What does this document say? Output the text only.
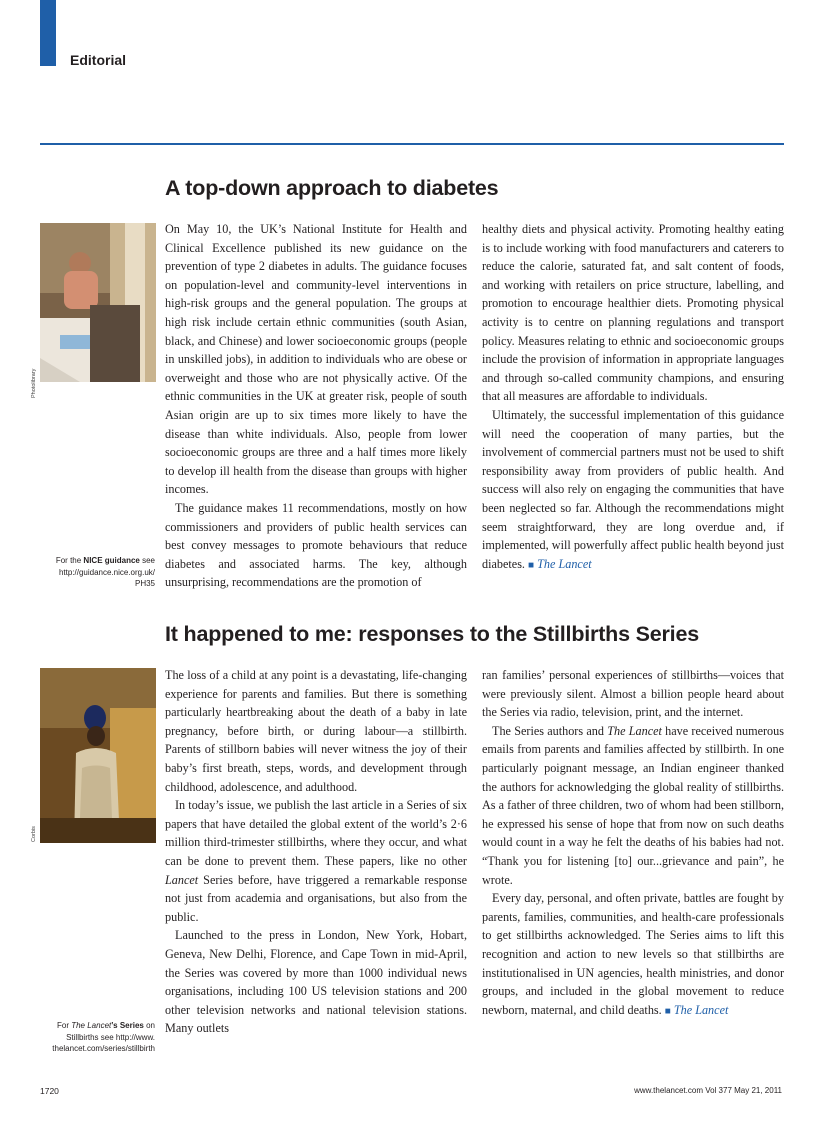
Editorial
A top-down approach to diabetes
Photolibrary
For the NICE guidance see
http://guidance.nice.org.uk/
PH35

On May 10, the UK’s National Institute for Health and Clinical Excellence published its new guidance on the prevention of type 2 diabetes in adults. The guidance focuses on population-level and community-level interventions in high-risk groups and the general population. The groups at high risk include certain ethnic communities (south Asian, black, and Chinese) and lower socioeconomic groups (people in unskilled jobs), in addition to individuals who are obese or overweight and those who are not physically active. Of the ethnic communities in the UK at greater risk, people of south Asian origin are up to six times more likely to have the disease than white individuals. Also, people from lower socioeconomic groups are three and a half times more likely to develop ill health from the disease than groups with higher incomes.

The guidance makes 11 recommendations, mostly on how commissioners and providers of public health services can best convey messages to promote behaviours that reduce diabetes and associated harms. The key, although unsurprising, recommendations are the promotion of

healthy diets and physical activity. Promoting healthy eating is to include working with food manufacturers and caterers to reduce the calorie, saturated fat, and salt content of foods, and working with retailers on price structure, labelling, and promotion to encourage healthier diets. Promoting physical activity is to centre on planning regulations and transport policy. Measures relating to ethnic and socioeconomic groups include the provision of information in appropriate languages and through so-called community champions, and ensuring that all measures are affordable to individuals.

Ultimately, the successful implementation of this guidance will need the cooperation of many parties, but the involvement of commercial partners must not be used to shift responsibility away from providers of public health. And success will also rely on engaging the communities that have been neglected so far. Although the recommendations might seem straightforward, they are long overdue and, if implemented, will powerfully affect public health beyond just diabetes. ■ The Lancet

It happened to me: responses to the Stillbirths Series
Corbis
For The Lancet’s Series on
Stillbirths see http://www.
thelancet.com/series/stillbirth

The loss of a child at any point is a devastating, life-changing experience for parents and families. But there is something particularly heartbreaking about the death of a baby in late pregnancy, before birth, or during labour—a stillbirth. Parents of stillborn babies will never witness the joy of their baby’s first breath, steps, words, and development through childhood, adolescence, and adulthood.

In today’s issue, we publish the last article in a Series of six papers that have detailed the global extent of the world’s 2·6 million third-trimester stillbirths, where they occur, and what can be done to prevent them. These papers, like no other Lancet Series before, have triggered a remarkable response not just from academia and organisations, but also from the public.

Launched to the press in London, New York, Hobart, Geneva, New Delhi, Florence, and Cape Town in mid-April, the Series was covered by more than 1000 individual news organisations, including 100 US television stations and 200 other television networks and national television stations. Many outlets

ran families’ personal experiences of stillbirths—voices that were previously silent. Almost a billion people heard about the Series via radio, television, print, and the internet.

The Series authors and The Lancet have received numerous emails from parents and families affected by stillbirth. In one particularly poignant message, an Indian engineer thanked the authors for acknowledging the global reality of stillbirths. As a father of three children, two of whom had been stillborn, he expressed his sense of hope that from now on such deaths would count in a way he felt the deaths of his babies had not. “Thank you for listening [to] our...grievance and pain”, he wrote.

Every day, personal, and often private, battles are fought by parents, families, communities, and health-care professionals to get stillbirths acknowledged. The Series aims to lift this recognition and action to new levels so that stillbirths are institutionalised in UN agencies, health ministries, and donor groups, and included in the global movement to reduce newborn, maternal, and child deaths. ■ The Lancet

1720	www.thelancet.com Vol 377 May 21, 2011
